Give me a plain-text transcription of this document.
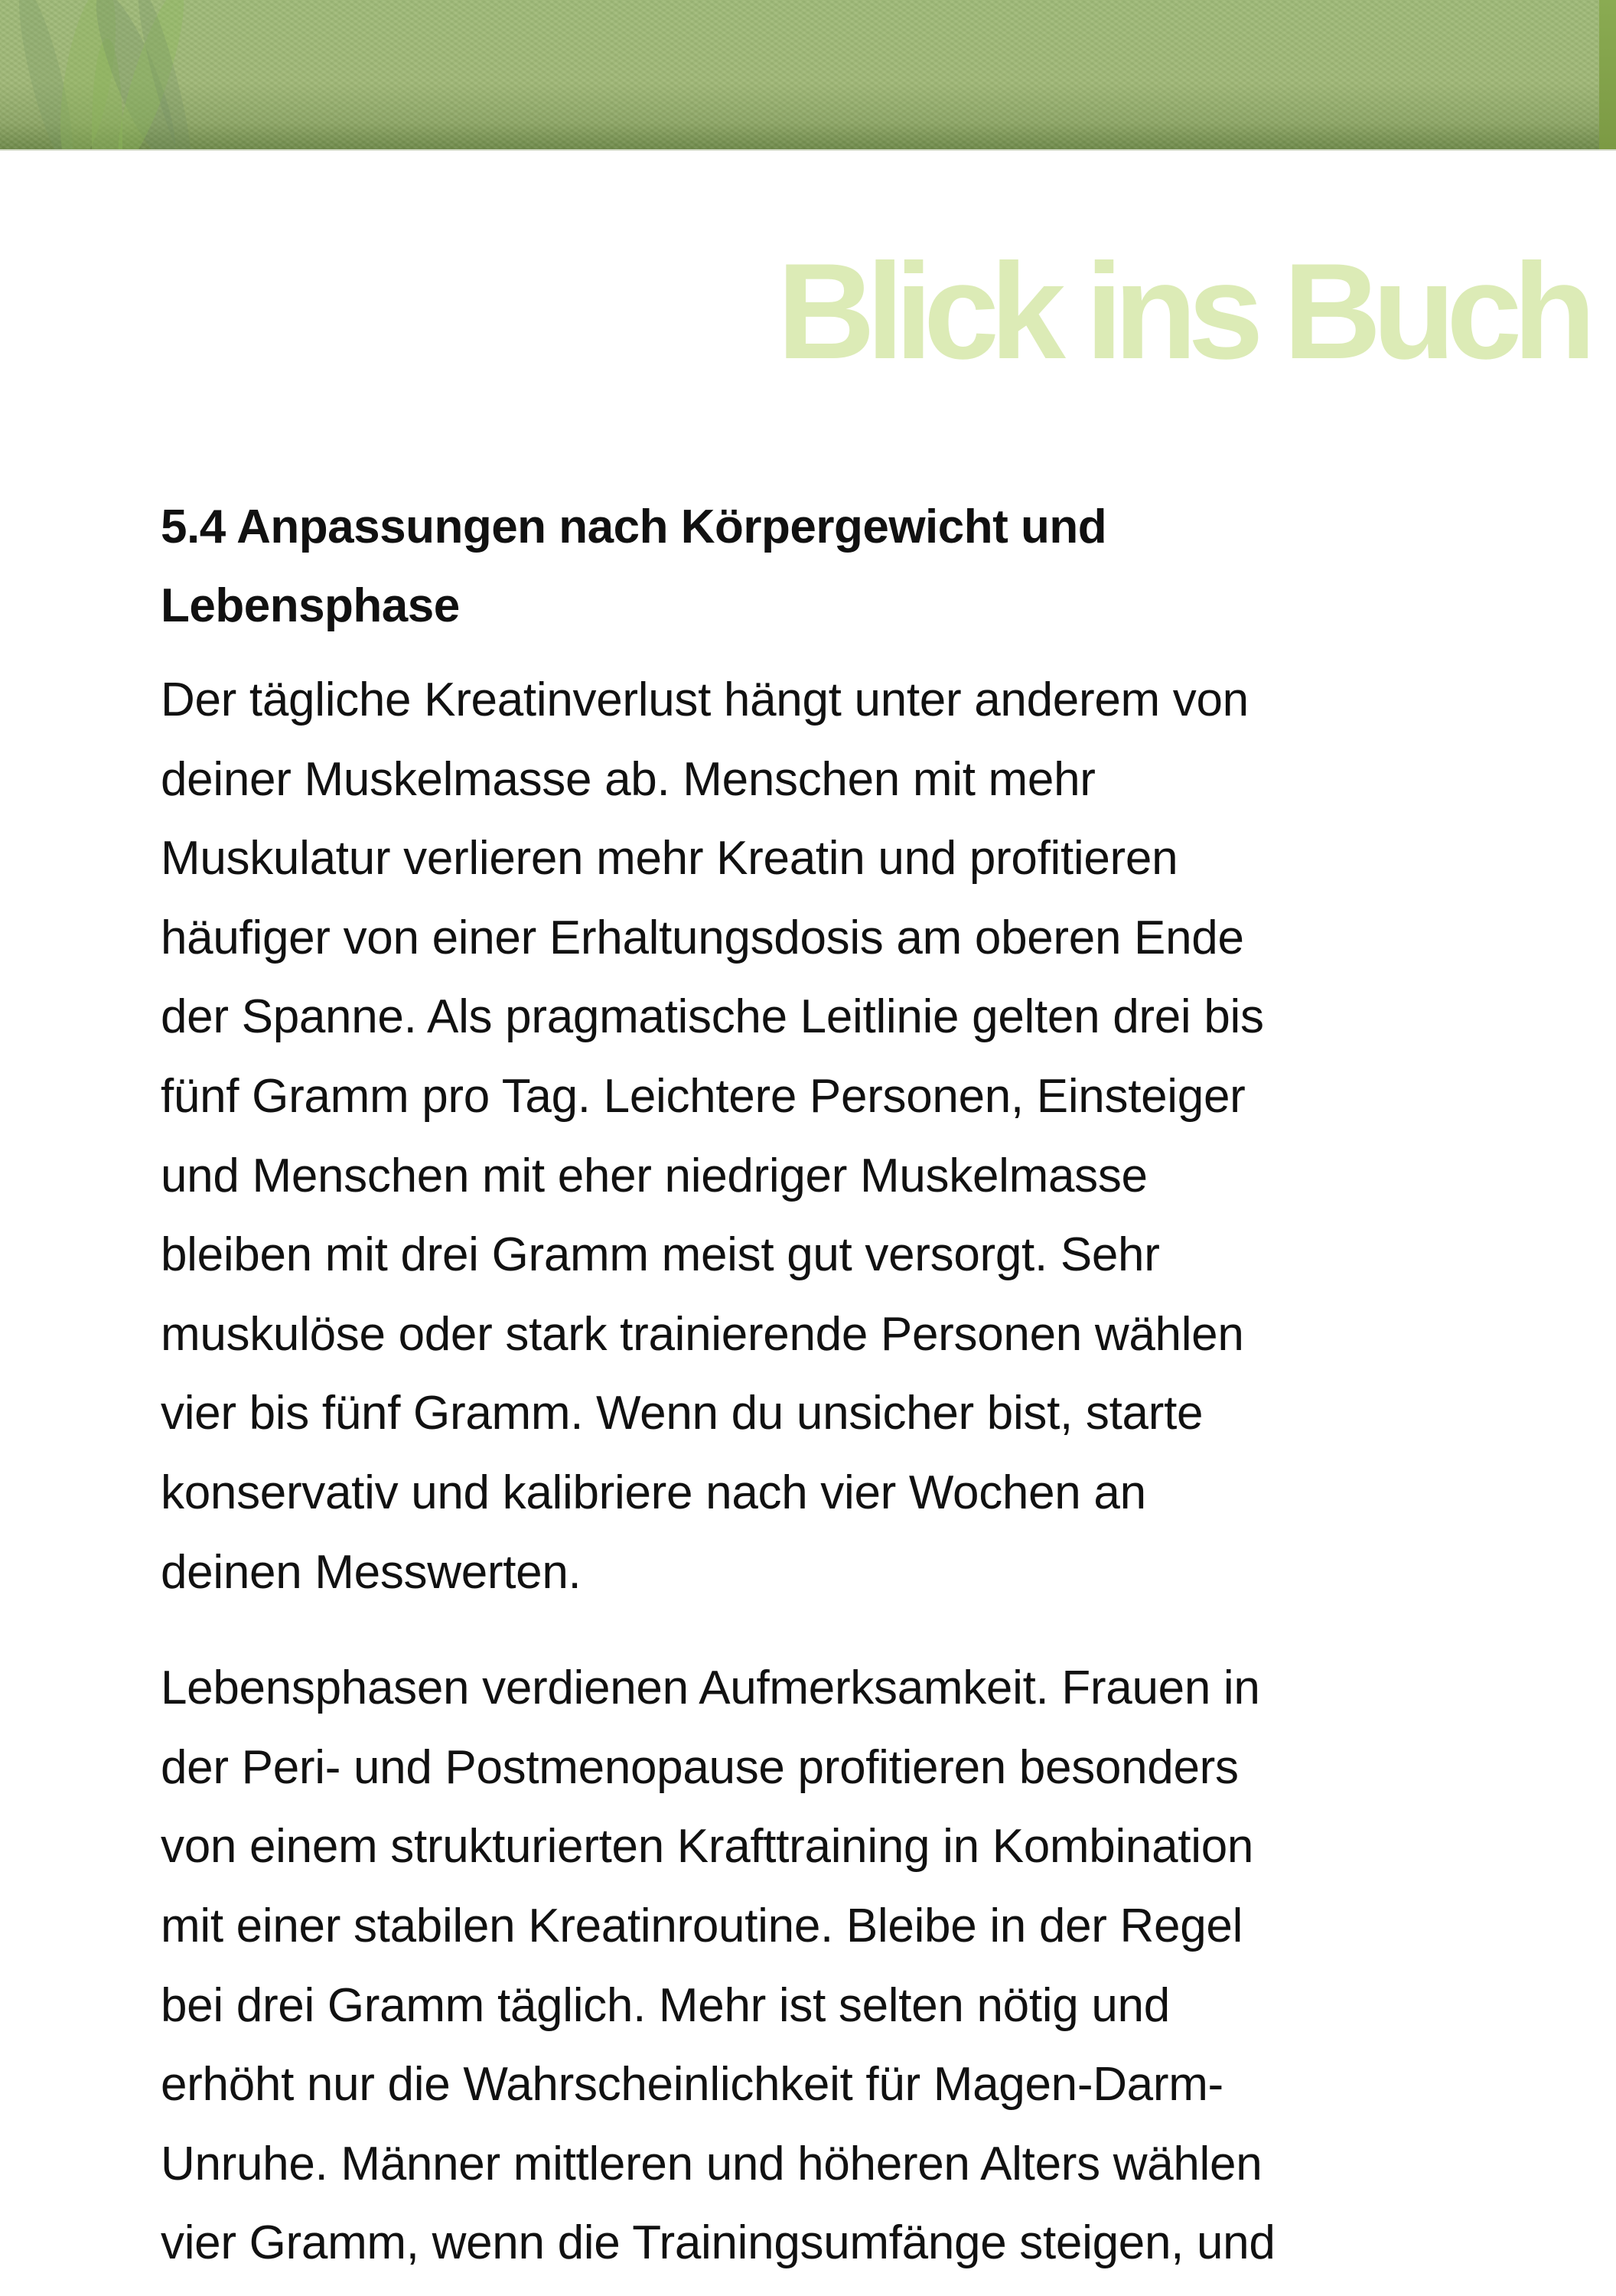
Blick ins Buch
5.4 Anpassungen nach Körpergewicht und
Lebensphase

Der tägliche Kreatinverlust hängt unter anderem von
deiner Muskelmasse ab. Menschen mit mehr
Muskulatur verlieren mehr Kreatin und profitieren
häufiger von einer Erhaltungsdosis am oberen Ende
der Spanne. Als pragmatische Leitlinie gelten drei bis
fünf Gramm pro Tag. Leichtere Personen, Einsteiger
und Menschen mit eher niedriger Muskelmasse
bleiben mit drei Gramm meist gut versorgt. Sehr
muskulöse oder stark trainierende Personen wählen
vier bis fünf Gramm. Wenn du unsicher bist, starte
konservativ und kalibriere nach vier Wochen an
deinen Messwerten.

Lebensphasen verdienen Aufmerksamkeit. Frauen in
der Peri- und Postmenopause profitieren besonders
von einem strukturierten Krafttraining in Kombination
mit einer stabilen Kreatinroutine. Bleibe in der Regel
bei drei Gramm täglich. Mehr ist selten nötig und
erhöht nur die Wahrscheinlichkeit für Magen-Darm-
Unruhe. Männer mittleren und höheren Alters wählen
vier Gramm, wenn die Trainingsumfänge steigen, und
